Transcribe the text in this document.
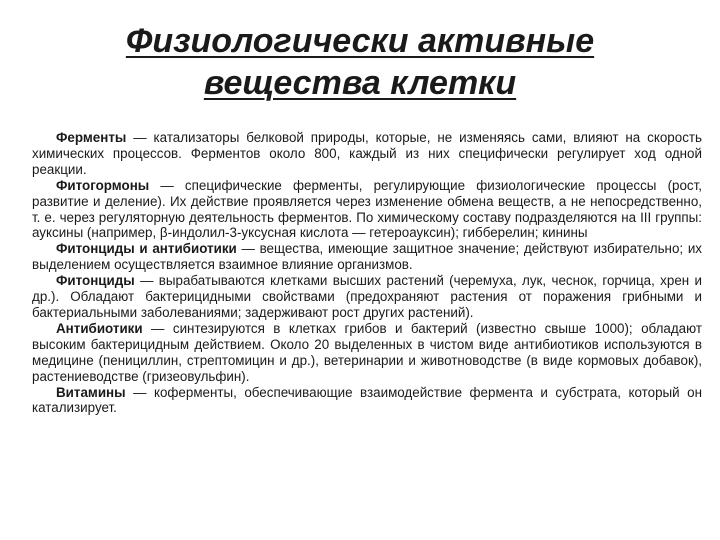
Физиологически активные
вещества клетки

Ферменты — катализаторы белковой природы, которые, не изменяясь сами, влияют на скорость химических процессов. Ферментов около 800, каждый из них специфически регулирует ход одной реакции.

Фитогормоны — специфические ферменты, регулирующие физиологические процессы (рост, развитие и деление). Их действие проявляется через изменение обмена веществ, а не непосредственно, т. е. через регуляторную деятельность ферментов. По химическому составу подразделяются на III группы: ауксины (например, β-индолил-3-уксусная кислота — гетероауксин); гибберелин; кинины

Фитонциды и антибиотики — вещества, имеющие защитное значение; действуют избирательно; их выделением осуществляется взаимное влияние организмов.

Фитонциды — вырабатываются клетками высших растений (черемуха, лук, чеснок, горчица, хрен и др.). Обладают бактерицидными свойствами (предохраняют растения от поражения грибными и бактериальными заболеваниями; задерживают рост других растений).

Антибиотики — синтезируются в клетках грибов и бактерий (известно свыше 1000); обладают высоким бактерицидным действием. Около 20 выделенных в чистом виде антибиотиков используются в медицине (пенициллин, стрептомицин и др.), ветеринарии и животноводстве (в виде кормовых добавок), растениеводстве (гризеовульфин).

Витамины — коферменты, обеспечивающие взаимодействие фермента и субстрата, который он катализирует.
